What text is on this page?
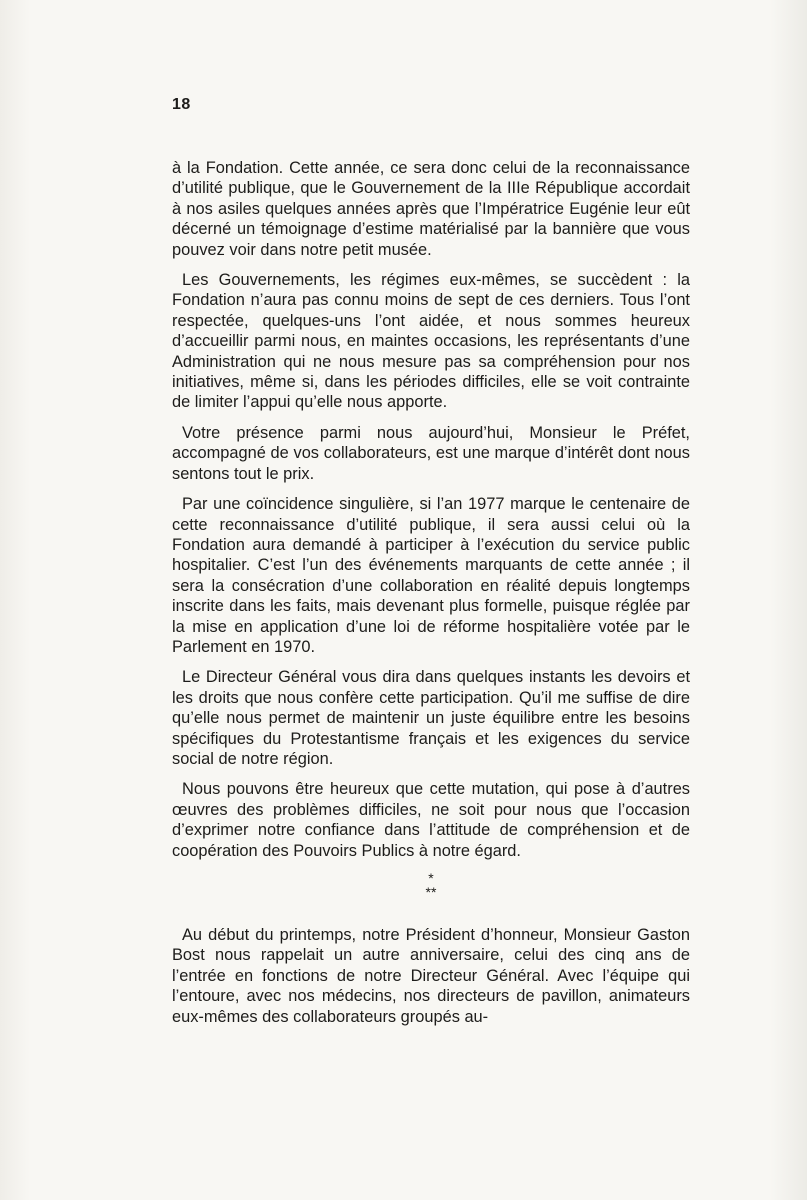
18

à la Fondation. Cette année, ce sera donc celui de la reconnaissance d’utilité publique, que le Gouvernement de la IIIe République accordait à nos asiles quelques années après que l’Impératrice Eugénie leur eût décerné un témoignage d’estime matérialisé par la bannière que vous pouvez voir dans notre petit musée.

Les Gouvernements, les régimes eux-mêmes, se succèdent : la Fondation n’aura pas connu moins de sept de ces derniers. Tous l’ont respectée, quelques-uns l’ont aidée, et nous sommes heureux d’accueillir parmi nous, en maintes occasions, les représentants d’une Administration qui ne nous mesure pas sa compréhension pour nos initiatives, même si, dans les périodes difficiles, elle se voit contrainte de limiter l’appui qu’elle nous apporte.

Votre présence parmi nous aujourd’hui, Monsieur le Préfet, accompagné de vos collaborateurs, est une marque d’intérêt dont nous sentons tout le prix.

Par une coïncidence singulière, si l’an 1977 marque le centenaire de cette reconnaissance d’utilité publique, il sera aussi celui où la Fondation aura demandé à participer à l’exécution du service public hospitalier. C’est l’un des événements marquants de cette année ; il sera la consécration d’une collaboration en réalité depuis longtemps inscrite dans les faits, mais devenant plus formelle, puisque réglée par la mise en application d’une loi de réforme hospitalière votée par le Parlement en 1970.

Le Directeur Général vous dira dans quelques instants les devoirs et les droits que nous confère cette participation. Qu’il me suffise de dire qu’elle nous permet de maintenir un juste équilibre entre les besoins spécifiques du Protestantisme français et les exigences du service social de notre région.

Nous pouvons être heureux que cette mutation, qui pose à d’autres œuvres des problèmes difficiles, ne soit pour nous que l’occasion d’exprimer notre confiance dans l’attitude de compréhension et de coopération des Pouvoirs Publics à notre égard.

*
**

Au début du printemps, notre Président d’honneur, Monsieur Gaston Bost nous rappelait un autre anniversaire, celui des cinq ans de l’entrée en fonctions de notre Directeur Général. Avec l’équipe qui l’entoure, avec nos médecins, nos directeurs de pavillon, animateurs eux-mêmes des collaborateurs groupés au-
